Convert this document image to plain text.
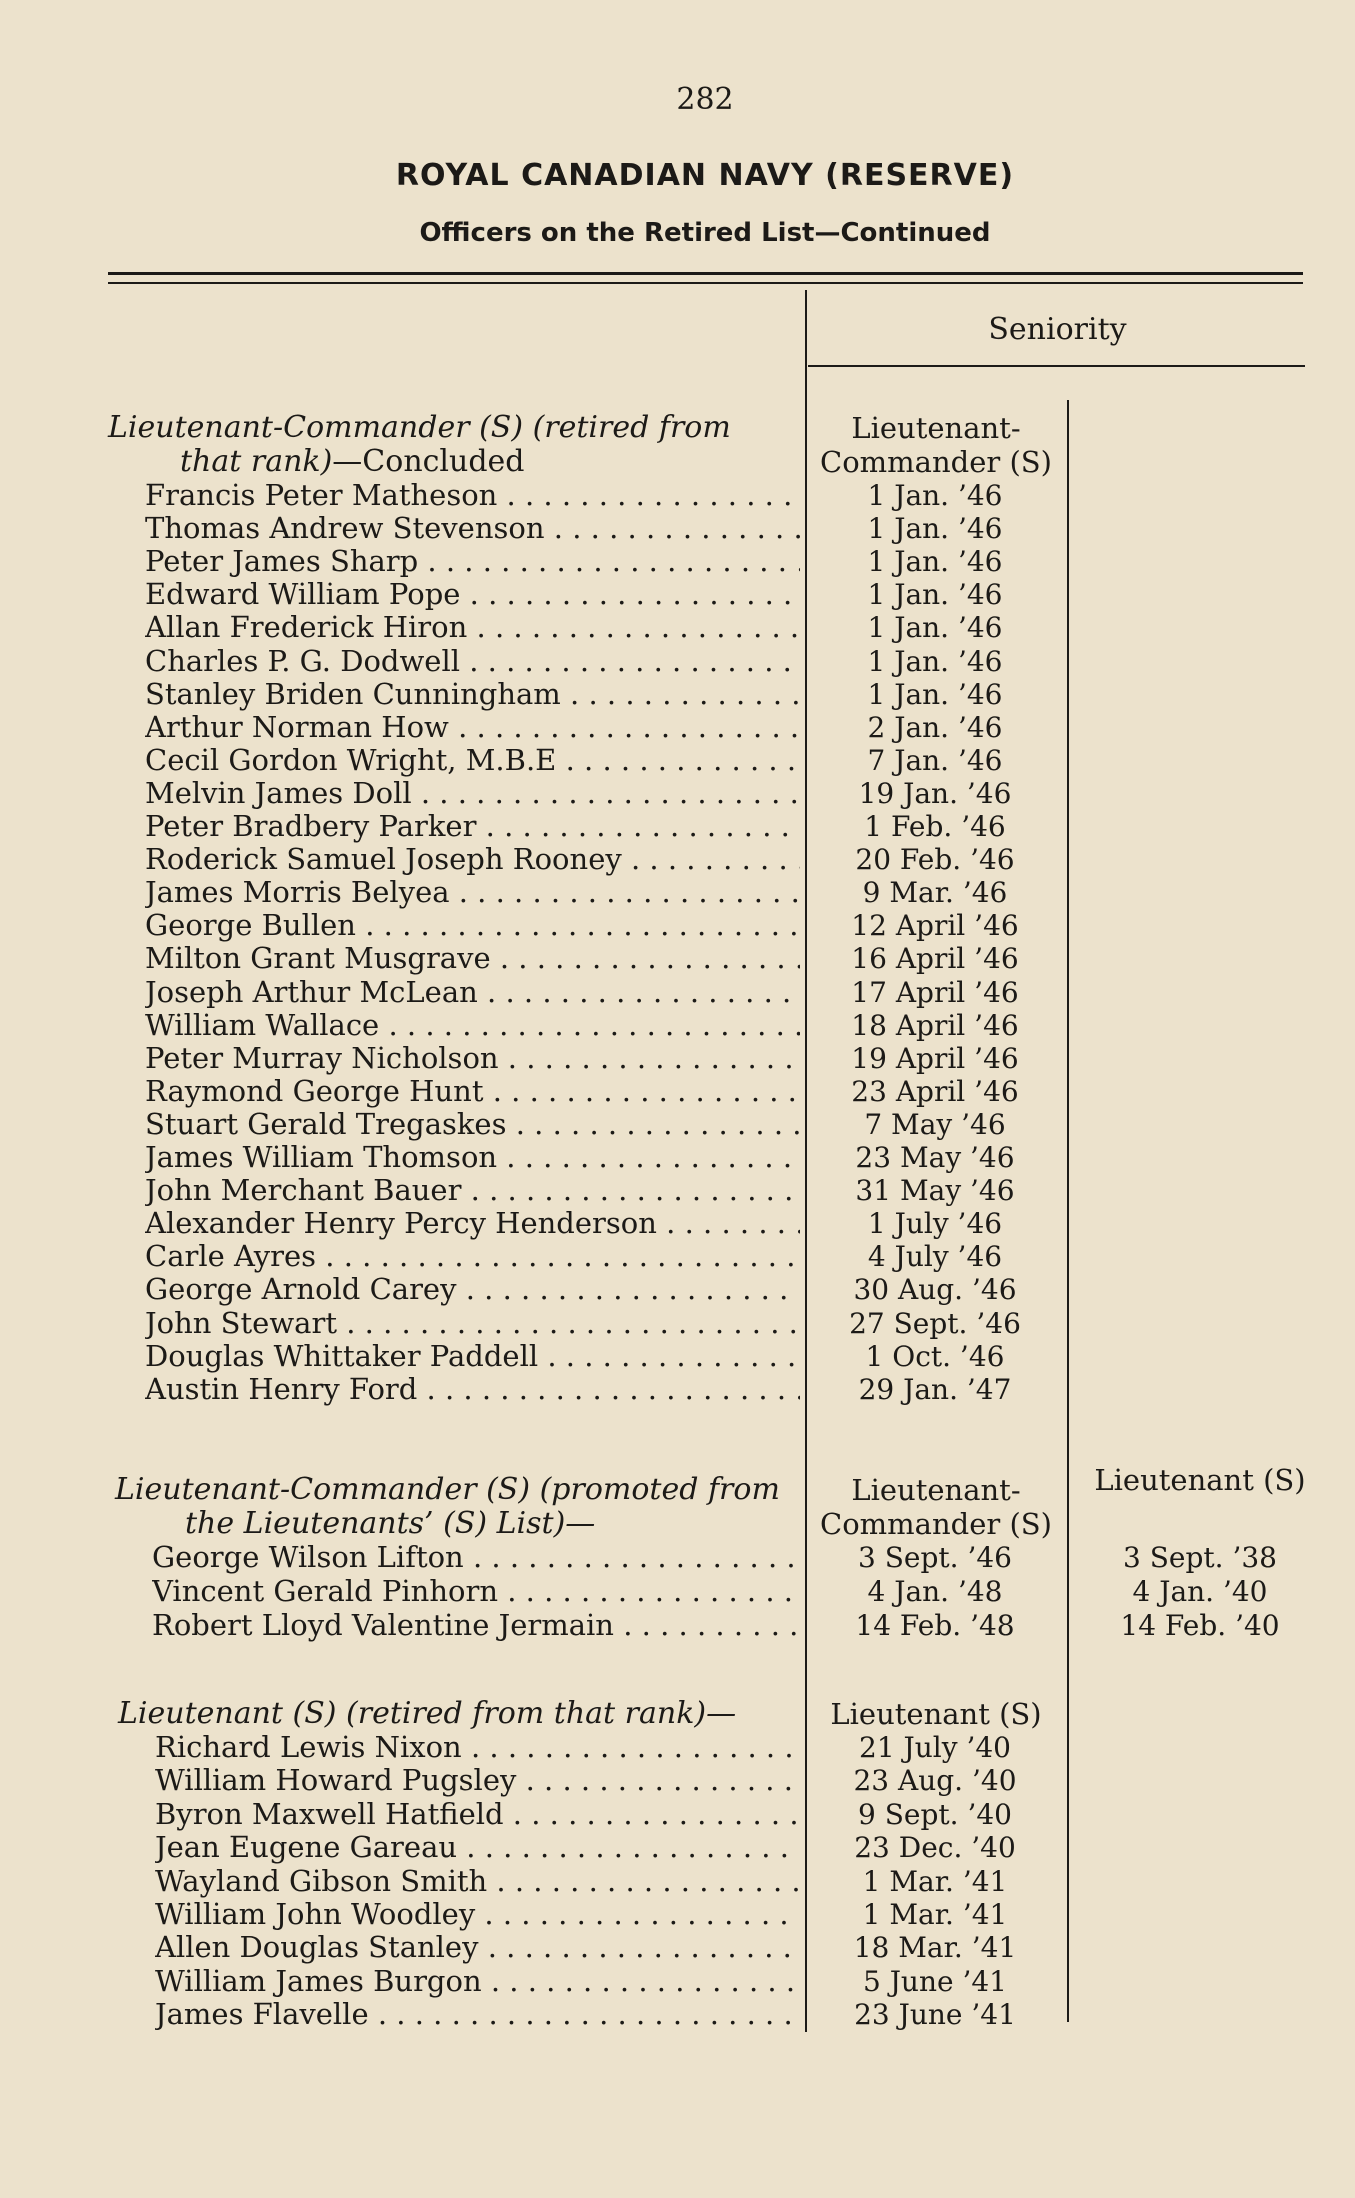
282
ROYAL CANADIAN NAVY (RESERVE)
Officers on the Retired List—Continued
Seniority
Lieutenant-Commander (S) (retired from
that rank)—Concluded
Lieutenant-
Commander (S)
Francis Peter Matheson . . .	1 Jan. ’46
Thomas Andrew Stevenson . . .	1 Jan. ’46
Peter James Sharp . . .	1 Jan. ’46
Edward William Pope . . .	1 Jan. ’46
Allan Frederick Hiron . . .	1 Jan. ’46
Charles P. G. Dodwell . . .	1 Jan. ’46
Stanley Briden Cunningham . . .	1 Jan. ’46
Arthur Norman How . . .	2 Jan. ’46
Cecil Gordon Wright, M.B.E . . .	7 Jan. ’46
Melvin James Doll . . .	19 Jan. ’46
Peter Bradbery Parker . . .	1 Feb. ’46
Roderick Samuel Joseph Rooney . . .	20 Feb. ’46
James Morris Belyea . . .	9 Mar. ’46
George Bullen . . .	12 April ’46
Milton Grant Musgrave . . .	16 April ’46
Joseph Arthur McLean . . .	17 April ’46
William Wallace . . .	18 April ’46
Peter Murray Nicholson . . .	19 April ’46
Raymond George Hunt . . .	23 April ’46
Stuart Gerald Tregaskes . . .	7 May ’46
James William Thomson . . .	23 May ’46
John Merchant Bauer . . .	31 May ’46
Alexander Henry Percy Henderson . . .	1 July ’46
Carle Ayres . . .	4 July ’46
George Arnold Carey . . .	30 Aug. ’46
John Stewart . . .	27 Sept. ’46
Douglas Whittaker Paddell . . .	1 Oct. ’46
Austin Henry Ford . . .	29 Jan. ’47
Lieutenant-Commander (S) (promoted from
the Lieutenants’ (S) List)—
Lieutenant-
Commander (S)
Lieutenant (S)
George Wilson Lifton . . .	3 Sept. ’46	3 Sept. ’38
Vincent Gerald Pinhorn . . .	4 Jan. ’48	4 Jan. ’40
Robert Lloyd Valentine Jermain . . .	14 Feb. ’48	14 Feb. ’40
Lieutenant (S) (retired from that rank)—	Lieutenant (S)
Richard Lewis Nixon . . .	21 July ’40
William Howard Pugsley . . .	23 Aug. ’40
Byron Maxwell Hatfield . . .	9 Sept. ’40
Jean Eugene Gareau . . .	23 Dec. ’40
Wayland Gibson Smith . . .	1 Mar. ’41
William John Woodley . . .	1 Mar. ’41
Allen Douglas Stanley . . .	18 Mar. ’41
William James Burgon . . .	5 June ’41
James Flavelle . . .	23 June ’41
